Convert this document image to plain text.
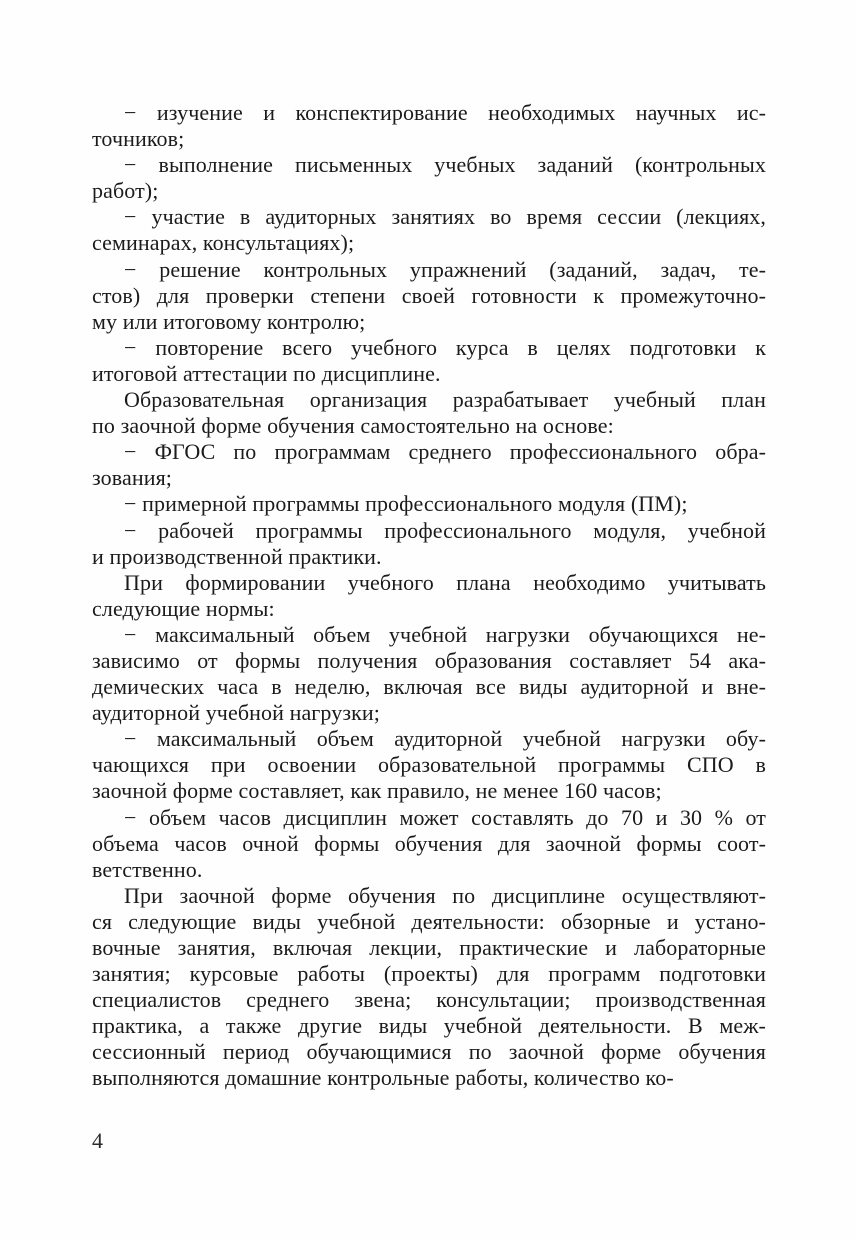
− изучение и конспектирование необходимых научных ис-
точников;
− выполнение письменных учебных заданий (контрольных
работ);
− участие в аудиторных занятиях во время сессии (лекциях,
семинарах, консультациях);
− решение контрольных упражнений (заданий, задач, те-
стов) для проверки степени своей готовности к промежуточно-
му или итоговому контролю;
− повторение всего учебного курса в целях подготовки к
итоговой аттестации по дисциплине.
Образовательная организация разрабатывает учебный план
по заочной форме обучения самостоятельно на основе:
− ФГОС по программам среднего профессионального обра-
зования;
− примерной программы профессионального модуля (ПМ);
− рабочей программы профессионального модуля, учебной
и производственной практики.
При формировании учебного плана необходимо учитывать
следующие нормы:
− максимальный объем учебной нагрузки обучающихся не-
зависимо от формы получения образования составляет 54 ака-
демических часа в неделю, включая все виды аудиторной и вне-
аудиторной учебной нагрузки;
− максимальный объем аудиторной учебной нагрузки обу-
чающихся при освоении образовательной программы СПО в
заочной форме составляет, как правило, не менее 160 часов;
− объем часов дисциплин может составлять до 70 и 30 % от
объема часов очной формы обучения для заочной формы соот-
ветственно.
При заочной форме обучения по дисциплине осуществляют-
ся следующие виды учебной деятельности: обзорные и устано-
вочные занятия, включая лекции, практические и лабораторные
занятия; курсовые работы (проекты) для программ подготовки
специалистов среднего звена; консультации; производственная
практика, а также другие виды учебной деятельности. В меж-
сессионный период обучающимися по заочной форме обучения
выполняются домашние контрольные работы, количество ко-
4
